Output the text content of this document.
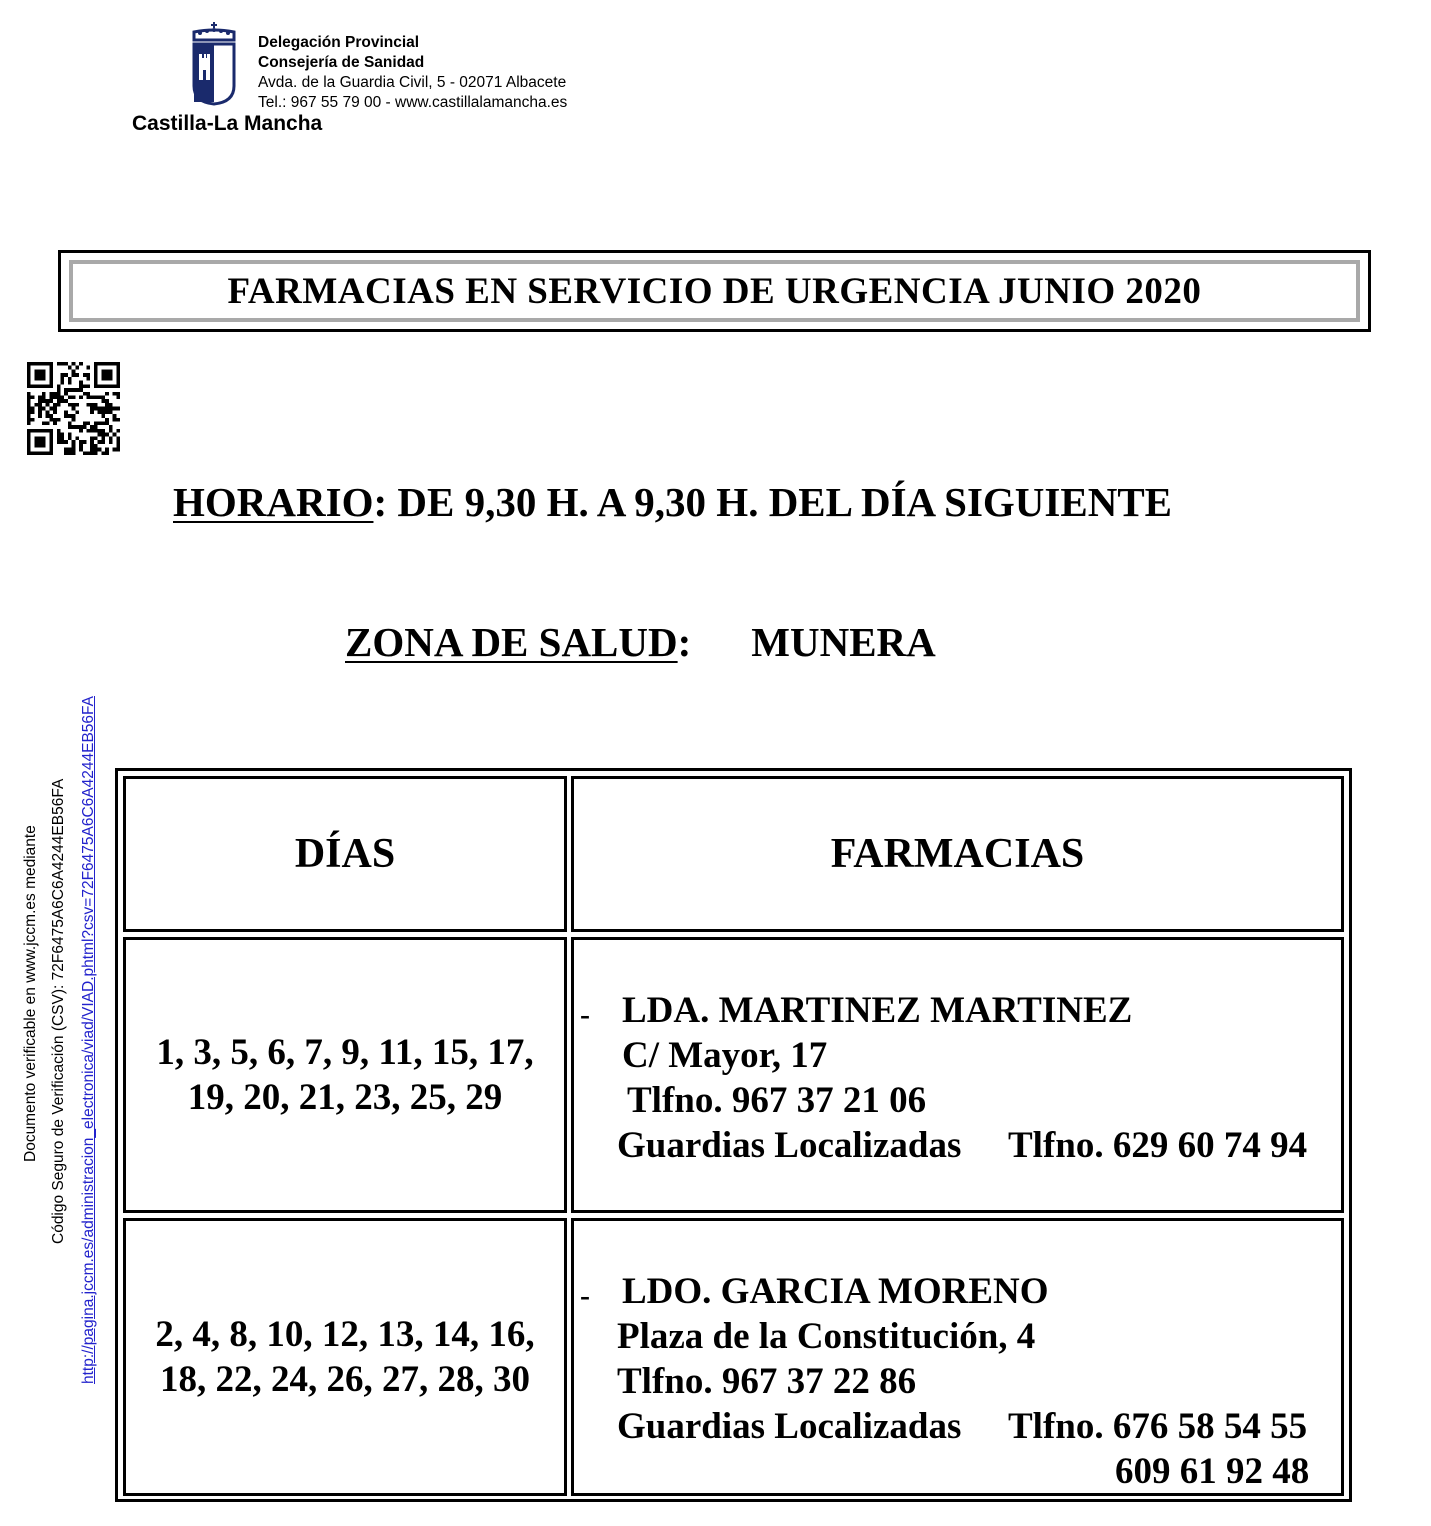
Castilla-La Mancha
Delegación Provincial
Consejería de Sanidad
Avda. de la Guardia Civil, 5 - 02071 Albacete
Tel.: 967 55 79 00 - www.castillalamancha.es
FARMACIAS EN SERVICIO DE URGENCIA JUNIO 2020
HORARIO: DE 9,30 H. A 9,30 H. DEL DÍA SIGUIENTE
ZONA DE SALUD: MUNERA
Documento verificable en www.jccm.es mediante Código Seguro de Verificación (CSV): 72F6475A6C6A4244EB56FA http://pagina.jccm.es/administracion_electronica/viad/VIAD.phtml?csv=72F6475A6C6A4244EB56FA	DÍAS	FARMACIAS
1, 3, 5, 6, 7, 9, 11, 15, 17,
19, 20, 21, 23, 25, 29
- LDA. MARTINEZ MARTINEZ
C/ Mayor, 17
Tlfno. 967 37 21 06
Guardias Localizadas Tlfno. 629 60 74 94
2, 4, 8, 10, 12, 13, 14, 16,
18, 22, 24, 26, 27, 28, 30
- LDO. GARCIA MORENO
Plaza de la Constitución, 4
Tlfno. 967 37 22 86
Guardias Localizadas Tlfno. 676 58 54 55
609 61 92 48
